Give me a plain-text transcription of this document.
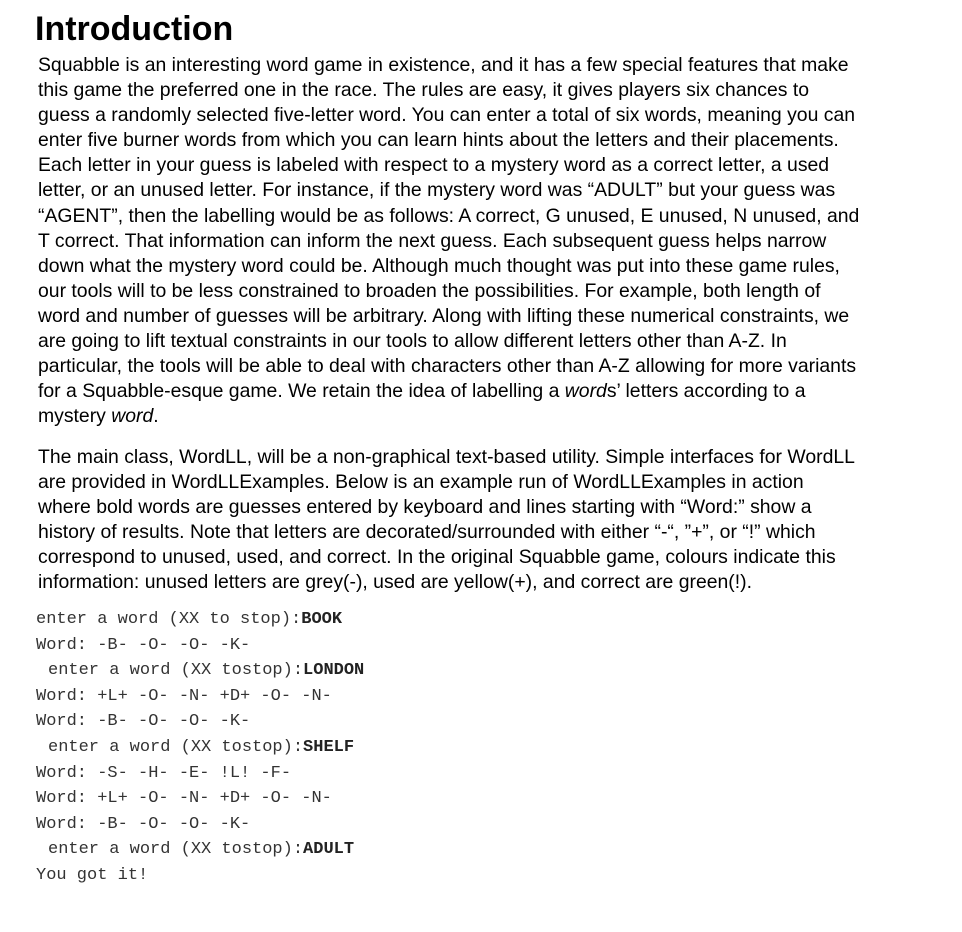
Introduction

Squabble is an interesting word game in existence, and it has a few special features that make
this game the preferred one in the race. The rules are easy, it gives players six chances to
guess a randomly selected five-letter word. You can enter a total of six words, meaning you can
enter five burner words from which you can learn hints about the letters and their placements.
Each letter in your guess is labeled with respect to a mystery word as a correct letter, a used
letter, or an unused letter. For instance, if the mystery word was “ADULT” but your guess was
“AGENT”, then the labelling would be as follows: A correct, G unused, E unused, N unused, and
T correct. That information can inform the next guess. Each subsequent guess helps narrow
down what the mystery word could be. Although much thought was put into these game rules,
our tools will to be less constrained to broaden the possibilities. For example, both length of
word and number of guesses will be arbitrary. Along with lifting these numerical constraints, we
are going to lift textual constraints in our tools to allow different letters other than A-Z. In
particular, the tools will be able to deal with characters other than A-Z allowing for more variants
for a Squabble-esque game. We retain the idea of labelling a words’ letters according to a
mystery word.

The main class, WordLL, will be a non-graphical text-based utility. Simple interfaces for WordLL
are provided in WordLLExamples. Below is an example run of WordLLExamples in action
where bold words are guesses entered by keyboard and lines starting with “Word:” show a
history of results. Note that letters are decorated/surrounded with either “-“, ”+”, or “!” which
correspond to unused, used, and correct. In the original Squabble game, colours indicate this
information: unused letters are grey(-), used are yellow(+), and correct are green(!).

enter a word (XX to stop):BOOK
Word: -B- -O- -O- -K-
enter a word (XX tostop):LONDON
Word: +L+ -O- -N- +D+ -O- -N-
Word: -B- -O- -O- -K-
enter a word (XX tostop):SHELF
Word: -S- -H- -E- !L! -F-
Word: +L+ -O- -N- +D+ -O- -N-
Word: -B- -O- -O- -K-
enter a word (XX tostop):ADULT
You got it!
